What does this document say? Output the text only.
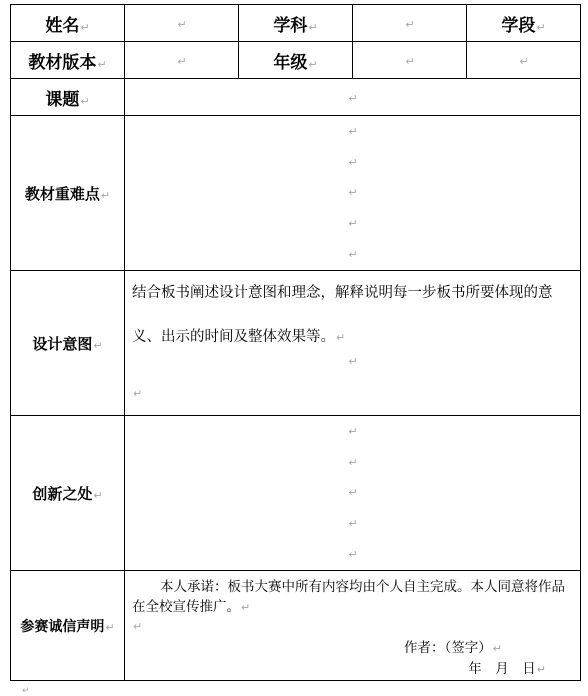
姓名↵	↵	学科↵	↵	学段↵
教材版本↵	↵	年级↵	↵	↵
课题↵	↵			
教材重难点↵	↵
↵
↵
↵
↵			

设计意图↵	结合板书阐述设计意图和理念，解释说明每一步板书所要体现的意义、出示的时间及整体效果等。↵
↵
↵			

创新之处↵	↵
↵
↵
↵
↵			

参赛诚信声明↵	本人承诺：板书大赛中所有内容均由个人自主完成。本人同意将作品在全校宣传推广。↵
↵
作者：（签字）↵
年　月　日↵			
↵
